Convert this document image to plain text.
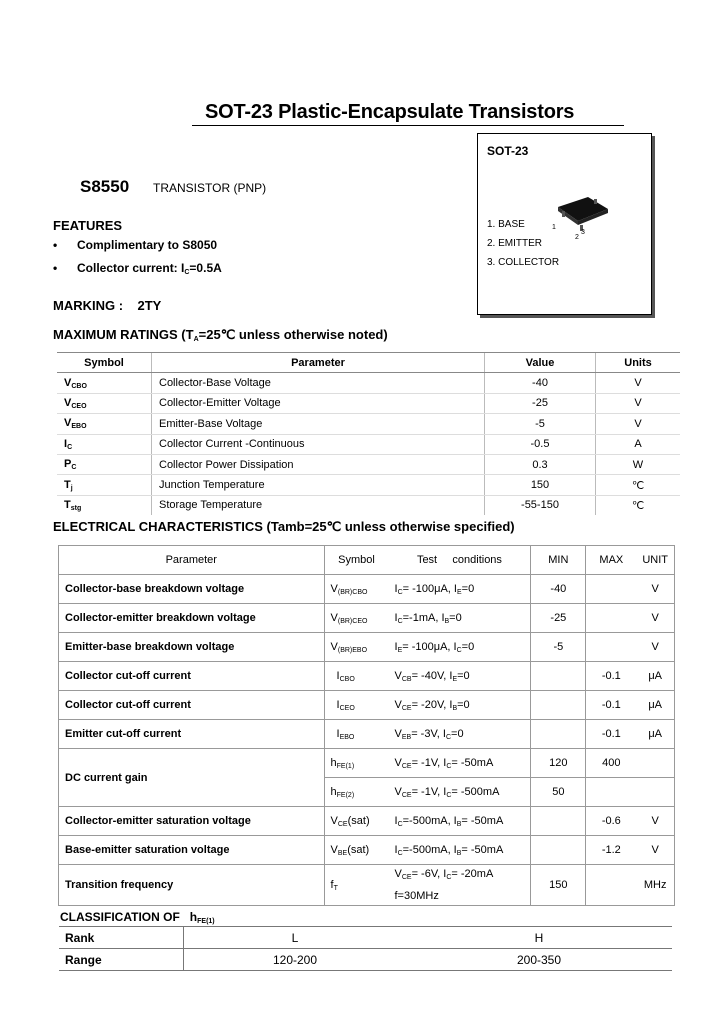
SOT-23 Plastic-Encapsulate Transistors
SOT-23
3
1
2
1. BASE
2. EMITTER
3. COLLECTOR
S8550 TRANSISTOR (PNP)
FEATURES
• Complimentary to S8050
• Collector current: $I_C=0.5A$
MARKING : 2TY
MAXIMUM RATINGS ($T_A=25℃$ unless otherwise noted)
Symbol	Parameter	Value	Units
$V_{CBO}$	Collector-Base Voltage	-40	V
$V_{CEO}$	Collector-Emitter Voltage	-25	V
$V_{EBO}$	Emitter-Base Voltage	-5	V
$I_C$	Collector Current -Continuous	-0.5	A
$P_C$	Collector Power Dissipation	0.3	W
$T_j$	Junction Temperature	150	℃
$T_{stg}$	Storage Temperature	-55-150	℃
ELECTRICAL CHARACTERISTICS (Tamb=25℃ unless otherwise specified)
Parameter	Symbol	Test     conditions	MIN	MAX	UNIT
Collector-base breakdown voltage	$V_{(BR)CBO}$	$I_C= -100\mu A$, $I_E=0$	-40		V
Collector-emitter breakdown voltage	$V_{(BR)CEO}$	$I_C=-1mA$, $I_B=0$	-25		V
Emitter-base breakdown voltage	$V_{(BR)EBO}$	$I_E= -100\mu A$, $I_C=0$	-5		V
Collector cut-off current	$I_{CBO}$	$V_{CB}= -40V$, $I_E=0$		-0.1	μA
Collector cut-off current	$I_{CEO}$	$V_{CE}= -20V$, $I_B=0$		-0.1	μA
Emitter cut-off current	$I_{EBO}$	$V_{EB}= -3V$, $I_C=0$		-0.1	μA
DC current gain	$h_{FE(1)}$	$V_{CE}= -1V$, $I_C= -50mA$	120	400	
	$h_{FE(2)}$	$V_{CE}= -1V$, $I_C= -500mA$	50		
Collector-emitter saturation voltage	$V_{CE}(sat)$	$I_C=-500mA$, $I_B= -50mA$		-0.6	V
Base-emitter saturation voltage	$V_{BE}(sat)$	$I_C=-500mA$, $I_B= -50mA$		-1.2	V
Transition frequency	$f_T$	$V_{CE}= -6V$, $I_C= -20mA$
f=30MHz	150		MHz
CLASSIFICATION OF $h_{FE(1)}$
Rank	L	H
Range	120-200	200-350
